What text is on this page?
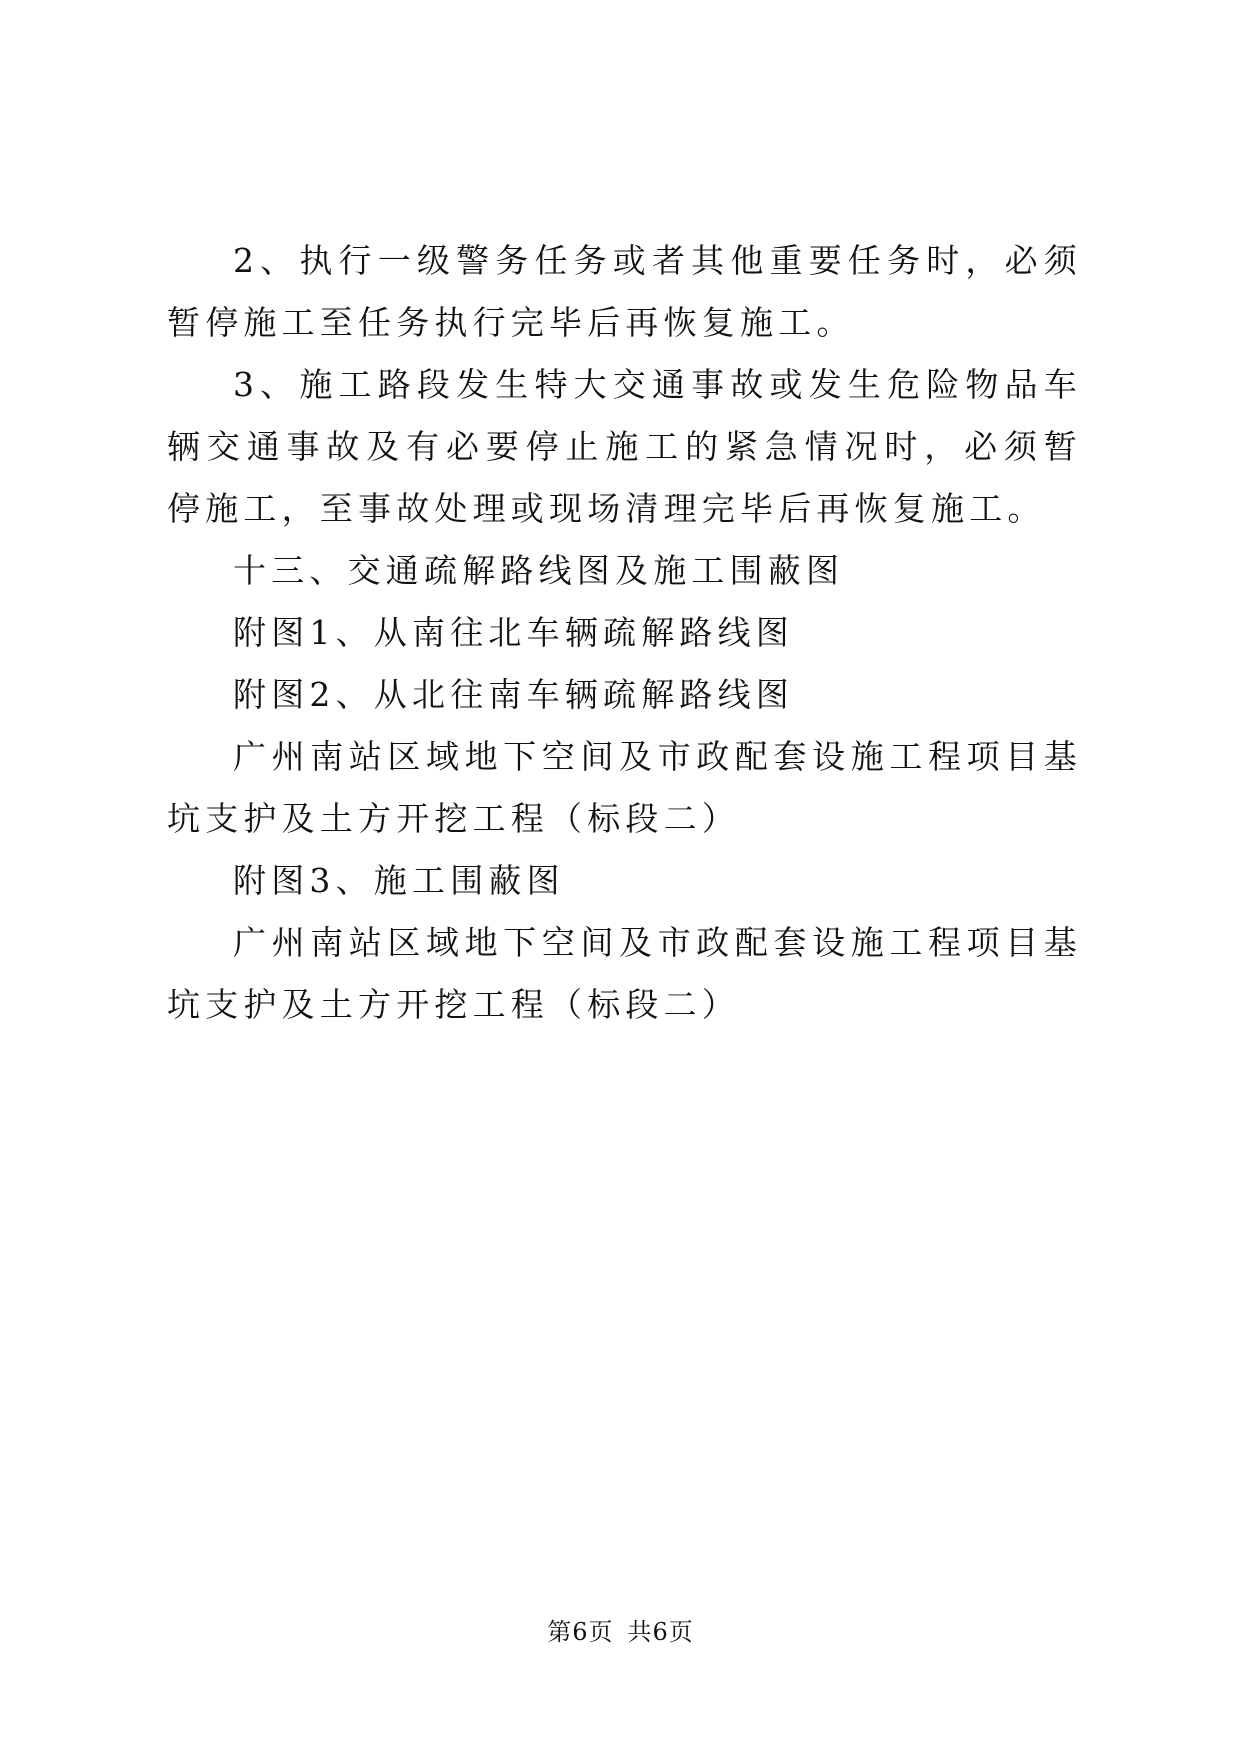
2、执行一级警务任务或者其他重要任务时，必须暂停施工至任务执行完毕后再恢复施工。

3、施工路段发生特大交通事故或发生危险物品车辆交通事故及有必要停止施工的紧急情况时，必须暂停施工，至事故处理或现场清理完毕后再恢复施工。

十三、交通疏解路线图及施工围蔽图

附图1、从南往北车辆疏解路线图

附图2、从北往南车辆疏解路线图

广州南站区域地下空间及市政配套设施工程项目基坑支护及土方开挖工程（标段二）

附图3、施工围蔽图

广州南站区域地下空间及市政配套设施工程项目基坑支护及土方开挖工程（标段二）

第6页 共6页
